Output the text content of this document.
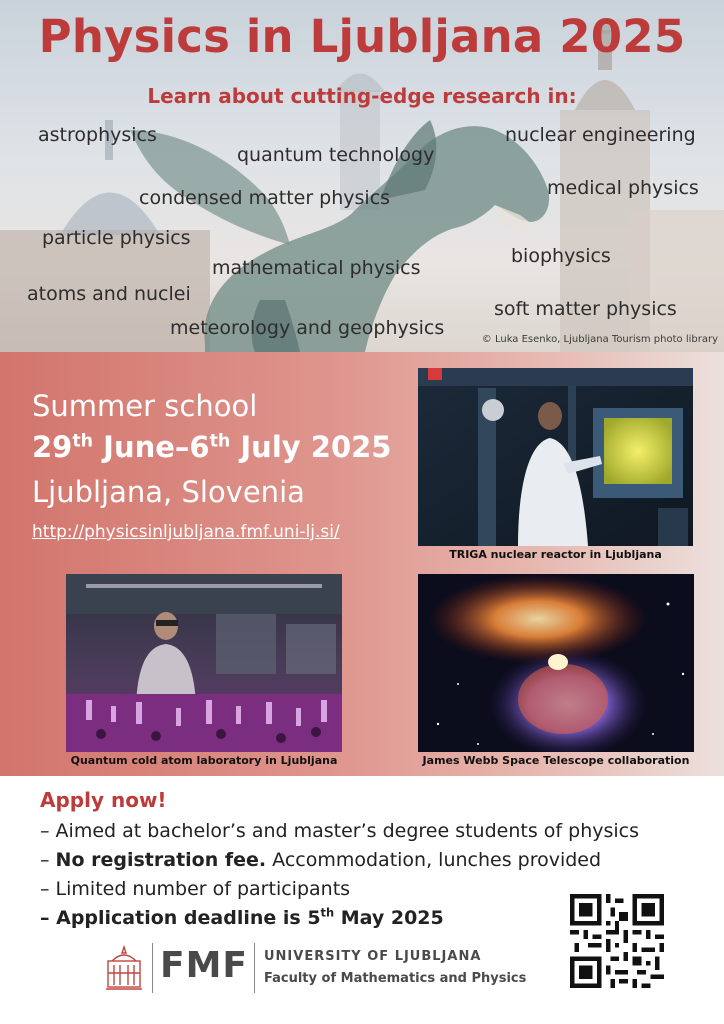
Physics in Ljubljana 2025

Learn about cutting-edge research in:

astrophysics
quantum technology
nuclear engineering
medical physics
condensed matter physics
particle physics
biophysics
mathematical physics
atoms and nuclei
soft matter physics
meteorology and geophysics
© Luka Esenko, Ljubljana Tourism photo library

Summer school

29th June–6th July 2025

Ljubljana, Slovenia

http://physicsinljubljana.fmf.uni-lj.si/
TRIGA nuclear reactor in Ljubljana
Quantum cold atom laboratory in Ljubljana	James Webb Space Telescope collaboration
Apply now!
– Aimed at bachelor’s and master’s degree students of physics
– No registration fee. Accommodation, lunches provided
– Limited number of participants
– Application deadline is 5th May 2025

FMF UNIVERSITY OF LJUBLJANA
Faculty of Mathematics and Physics
